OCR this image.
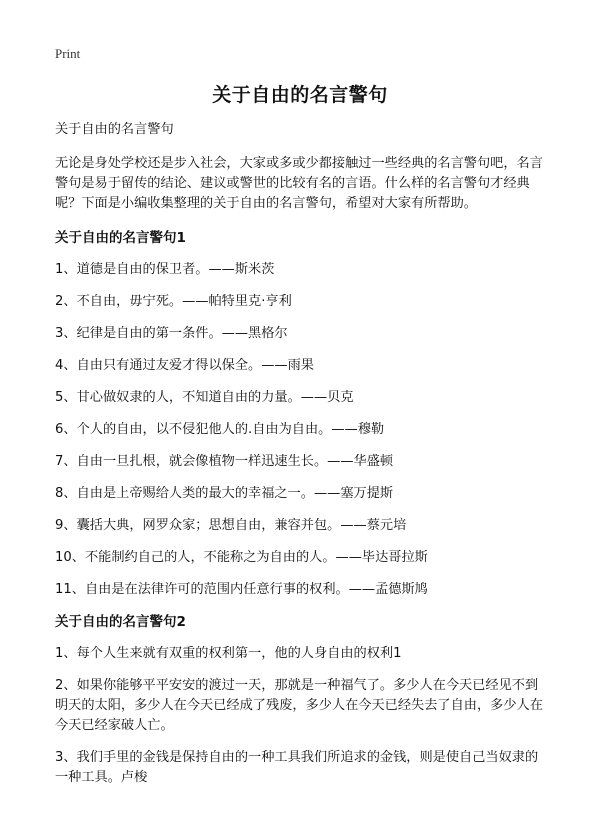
Print
关于自由的名言警句

关于自由的名言警句

无论是身处学校还是步入社会，大家或多或少都接触过一些经典的名言警句吧，名言警句是易于留传的结论、建议或警世的比较有名的言语。什么样的名言警句才经典呢？下面是小编收集整理的关于自由的名言警句，希望对大家有所帮助。

关于自由的名言警句1
1、道德是自由的保卫者。——斯米茨
2、不自由，毋宁死。——帕特里克·亨利
3、纪律是自由的第一条件。——黑格尔
4、自由只有通过友爱才得以保全。——雨果
5、甘心做奴隶的人，不知道自由的力量。——贝克
6、个人的自由，以不侵犯他人的.自由为自由。——穆勒
7、自由一旦扎根，就会像植物一样迅速生长。——华盛顿
8、自由是上帝赐给人类的最大的幸福之一。——塞万提斯
9、囊括大典，网罗众家；思想自由，兼容并包。——蔡元培
10、不能制约自己的人，不能称之为自由的人。——毕达哥拉斯
11、自由是在法律许可的范围内任意行事的权利。——孟德斯鸠
关于自由的名言警句2
1、每个人生来就有双重的权利第一，他的人身自由的权利1
2、如果你能够平平安安的渡过一天，那就是一种福气了。多少人在今天已经见不到明天的太阳，多少人在今天已经成了残废，多少人在今天已经失去了自由，多少人在今天已经家破人亡。
3、我们手里的金钱是保持自由的一种工具我们所追求的金钱，则是使自己当奴隶的一种工具。卢梭
